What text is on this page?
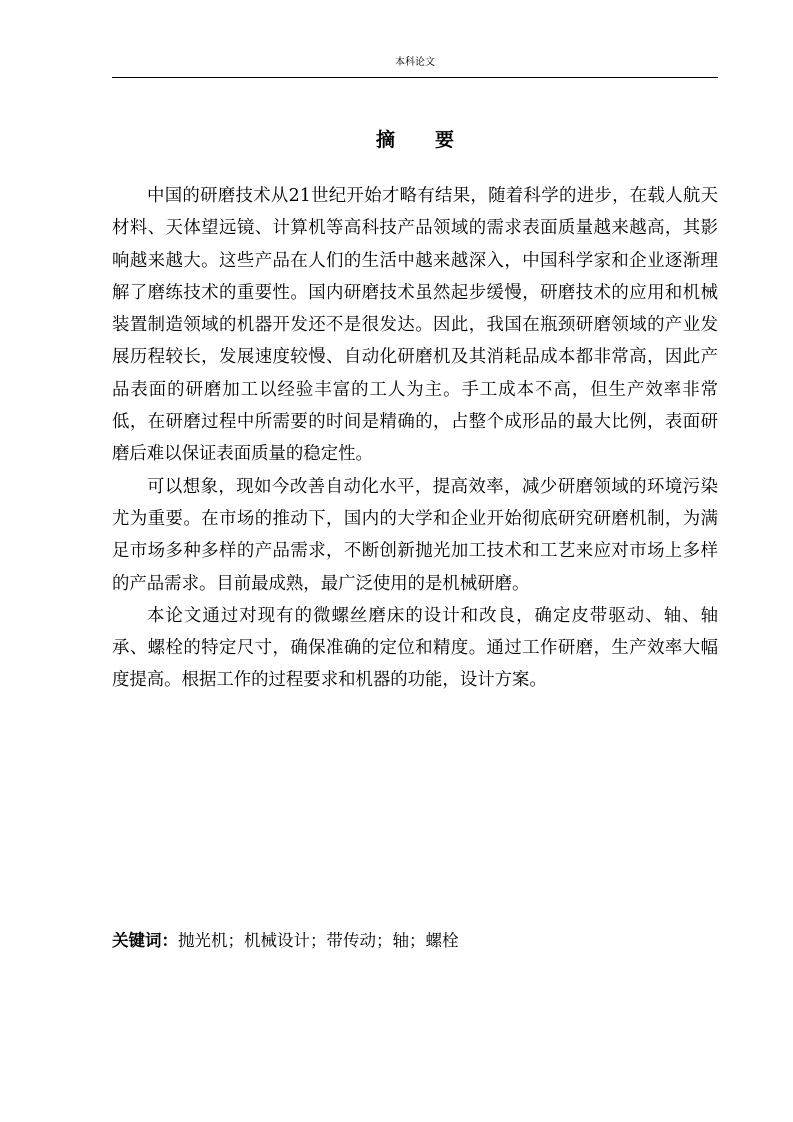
本科论文
摘要

中国的研磨技术从21世纪开始才略有结果，随着科学的进步，在载人航天材料、天体望远镜、计算机等高科技产品领域的需求表面质量越来越高，其影响越来越大。这些产品在人们的生活中越来越深入，中国科学家和企业逐渐理解了磨练技术的重要性。国内研磨技术虽然起步缓慢，研磨技术的应用和机械装置制造领域的机器开发还不是很发达。因此，我国在瓶颈研磨领域的产业发展历程较长，发展速度较慢、自动化研磨机及其消耗品成本都非常高，因此产品表面的研磨加工以经验丰富的工人为主。手工成本不高，但生产效率非常低，在研磨过程中所需要的时间是精确的，占整个成形品的最大比例，表面研磨后难以保证表面质量的稳定性。

可以想象，现如今改善自动化水平，提高效率，减少研磨领域的环境污染尤为重要。在市场的推动下，国内的大学和企业开始彻底研究研磨机制，为满足市场多种多样的产品需求，不断创新抛光加工技术和工艺来应对市场上多样的产品需求。目前最成熟，最广泛使用的是机械研磨。

本论文通过对现有的微螺丝磨床的设计和改良，确定皮带驱动、轴、轴承、螺栓的特定尺寸，确保准确的定位和精度。通过工作研磨，生产效率大幅度提高。根据工作的过程要求和机器的功能，设计方案。

关键词：抛光机；机械设计；带传动；轴；螺栓
